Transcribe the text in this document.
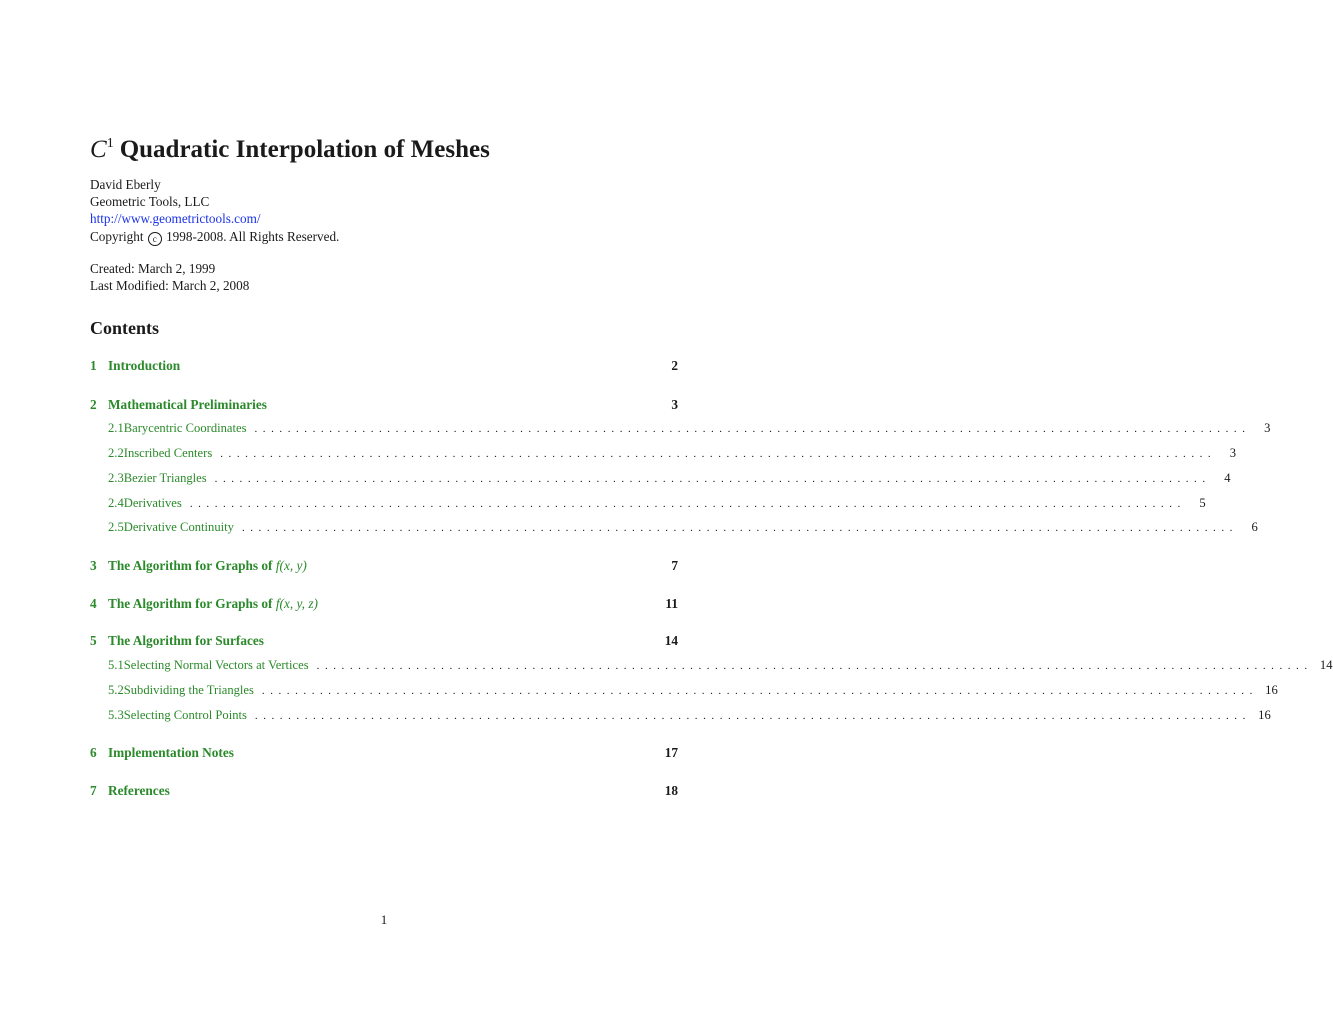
$C^1$ Quadratic Interpolation of Meshes
David Eberly
Geometric Tools, LLC
http://www.geometrictools.com/
Copyright c 1998-2008. All Rights Reserved.
Created: March 2, 1999
Last Modified: March 2, 2008
Contents
1 Introduction	2
2 Mathematical Preliminaries	3
2.1 Barycentric Coordinates . . . . . . . . . . . . . . . . . . . . . . . . . . . . . . . . . . . . . . . . . . . . . . . . . . . . . . . . . . . . . . . . . . . . . . . . . . . . . . . . . . . . . . . . . . . . . . . . . . . . . . . . . . . . . . . . . . . . . . . .	3
2.2 Inscribed Centers . . . . . . . . . . . . . . . . . . . . . . . . . . . . . . . . . . . . . . . . . . . . . . . . . . . . . . . . . . . . . . . . . . . . . . . . . . . . . . . . . . . . . . . . . . . . . . . . . . . . . . . . . . . . . . . . . . . . . . . .	3
2.3 Bezier Triangles . . . . . . . . . . . . . . . . . . . . . . . . . . . . . . . . . . . . . . . . . . . . . . . . . . . . . . . . . . . . . . . . . . . . . . . . . . . . . . . . . . . . . . . . . . . . . . . . . . . . . . . . . . . . . . . . . . . . . . . .	4
2.4 Derivatives . . . . . . . . . . . . . . . . . . . . . . . . . . . . . . . . . . . . . . . . . . . . . . . . . . . . . . . . . . . . . . . . . . . . . . . . . . . . . . . . . . . . . . . . . . . . . . . . . . . . . . . . . . . . . . . . . . . . . . . .	5
2.5 Derivative Continuity . . . . . . . . . . . . . . . . . . . . . . . . . . . . . . . . . . . . . . . . . . . . . . . . . . . . . . . . . . . . . . . . . . . . . . . . . . . . . . . . . . . . . . . . . . . . . . . . . . . . . . . . . . . . . . . . . . . . . . . .	6
3 The Algorithm for Graphs of f(x, y)	7
4 The Algorithm for Graphs of f(x, y, z)	11
5 The Algorithm for Surfaces	14
5.1 Selecting Normal Vectors at Vertices . . . . . . . . . . . . . . . . . . . . . . . . . . . . . . . . . . . . . . . . . . . . . . . . . . . . . . . . . . . . . . . . . . . . . . . . . . . . . . . . . . . . . . . . . . . . . . . . . . . . . . . . . . . . . . . . . . . . . . . . 14
5.2 Subdividing the Triangles . . . . . . . . . . . . . . . . . . . . . . . . . . . . . . . . . . . . . . . . . . . . . . . . . . . . . . . . . . . . . . . . . . . . . . . . . . . . . . . . . . . . . . . . . . . . . . . . . . . . . . . . . . . . . . . . . . . . . . . . 16
5.3 Selecting Control Points . . . . . . . . . . . . . . . . . . . . . . . . . . . . . . . . . . . . . . . . . . . . . . . . . . . . . . . . . . . . . . . . . . . . . . . . . . . . . . . . . . . . . . . . . . . . . . . . . . . . . . . . . . . . . . . . . . . . . . . . 16
6 Implementation Notes	17
7 References	18
1
